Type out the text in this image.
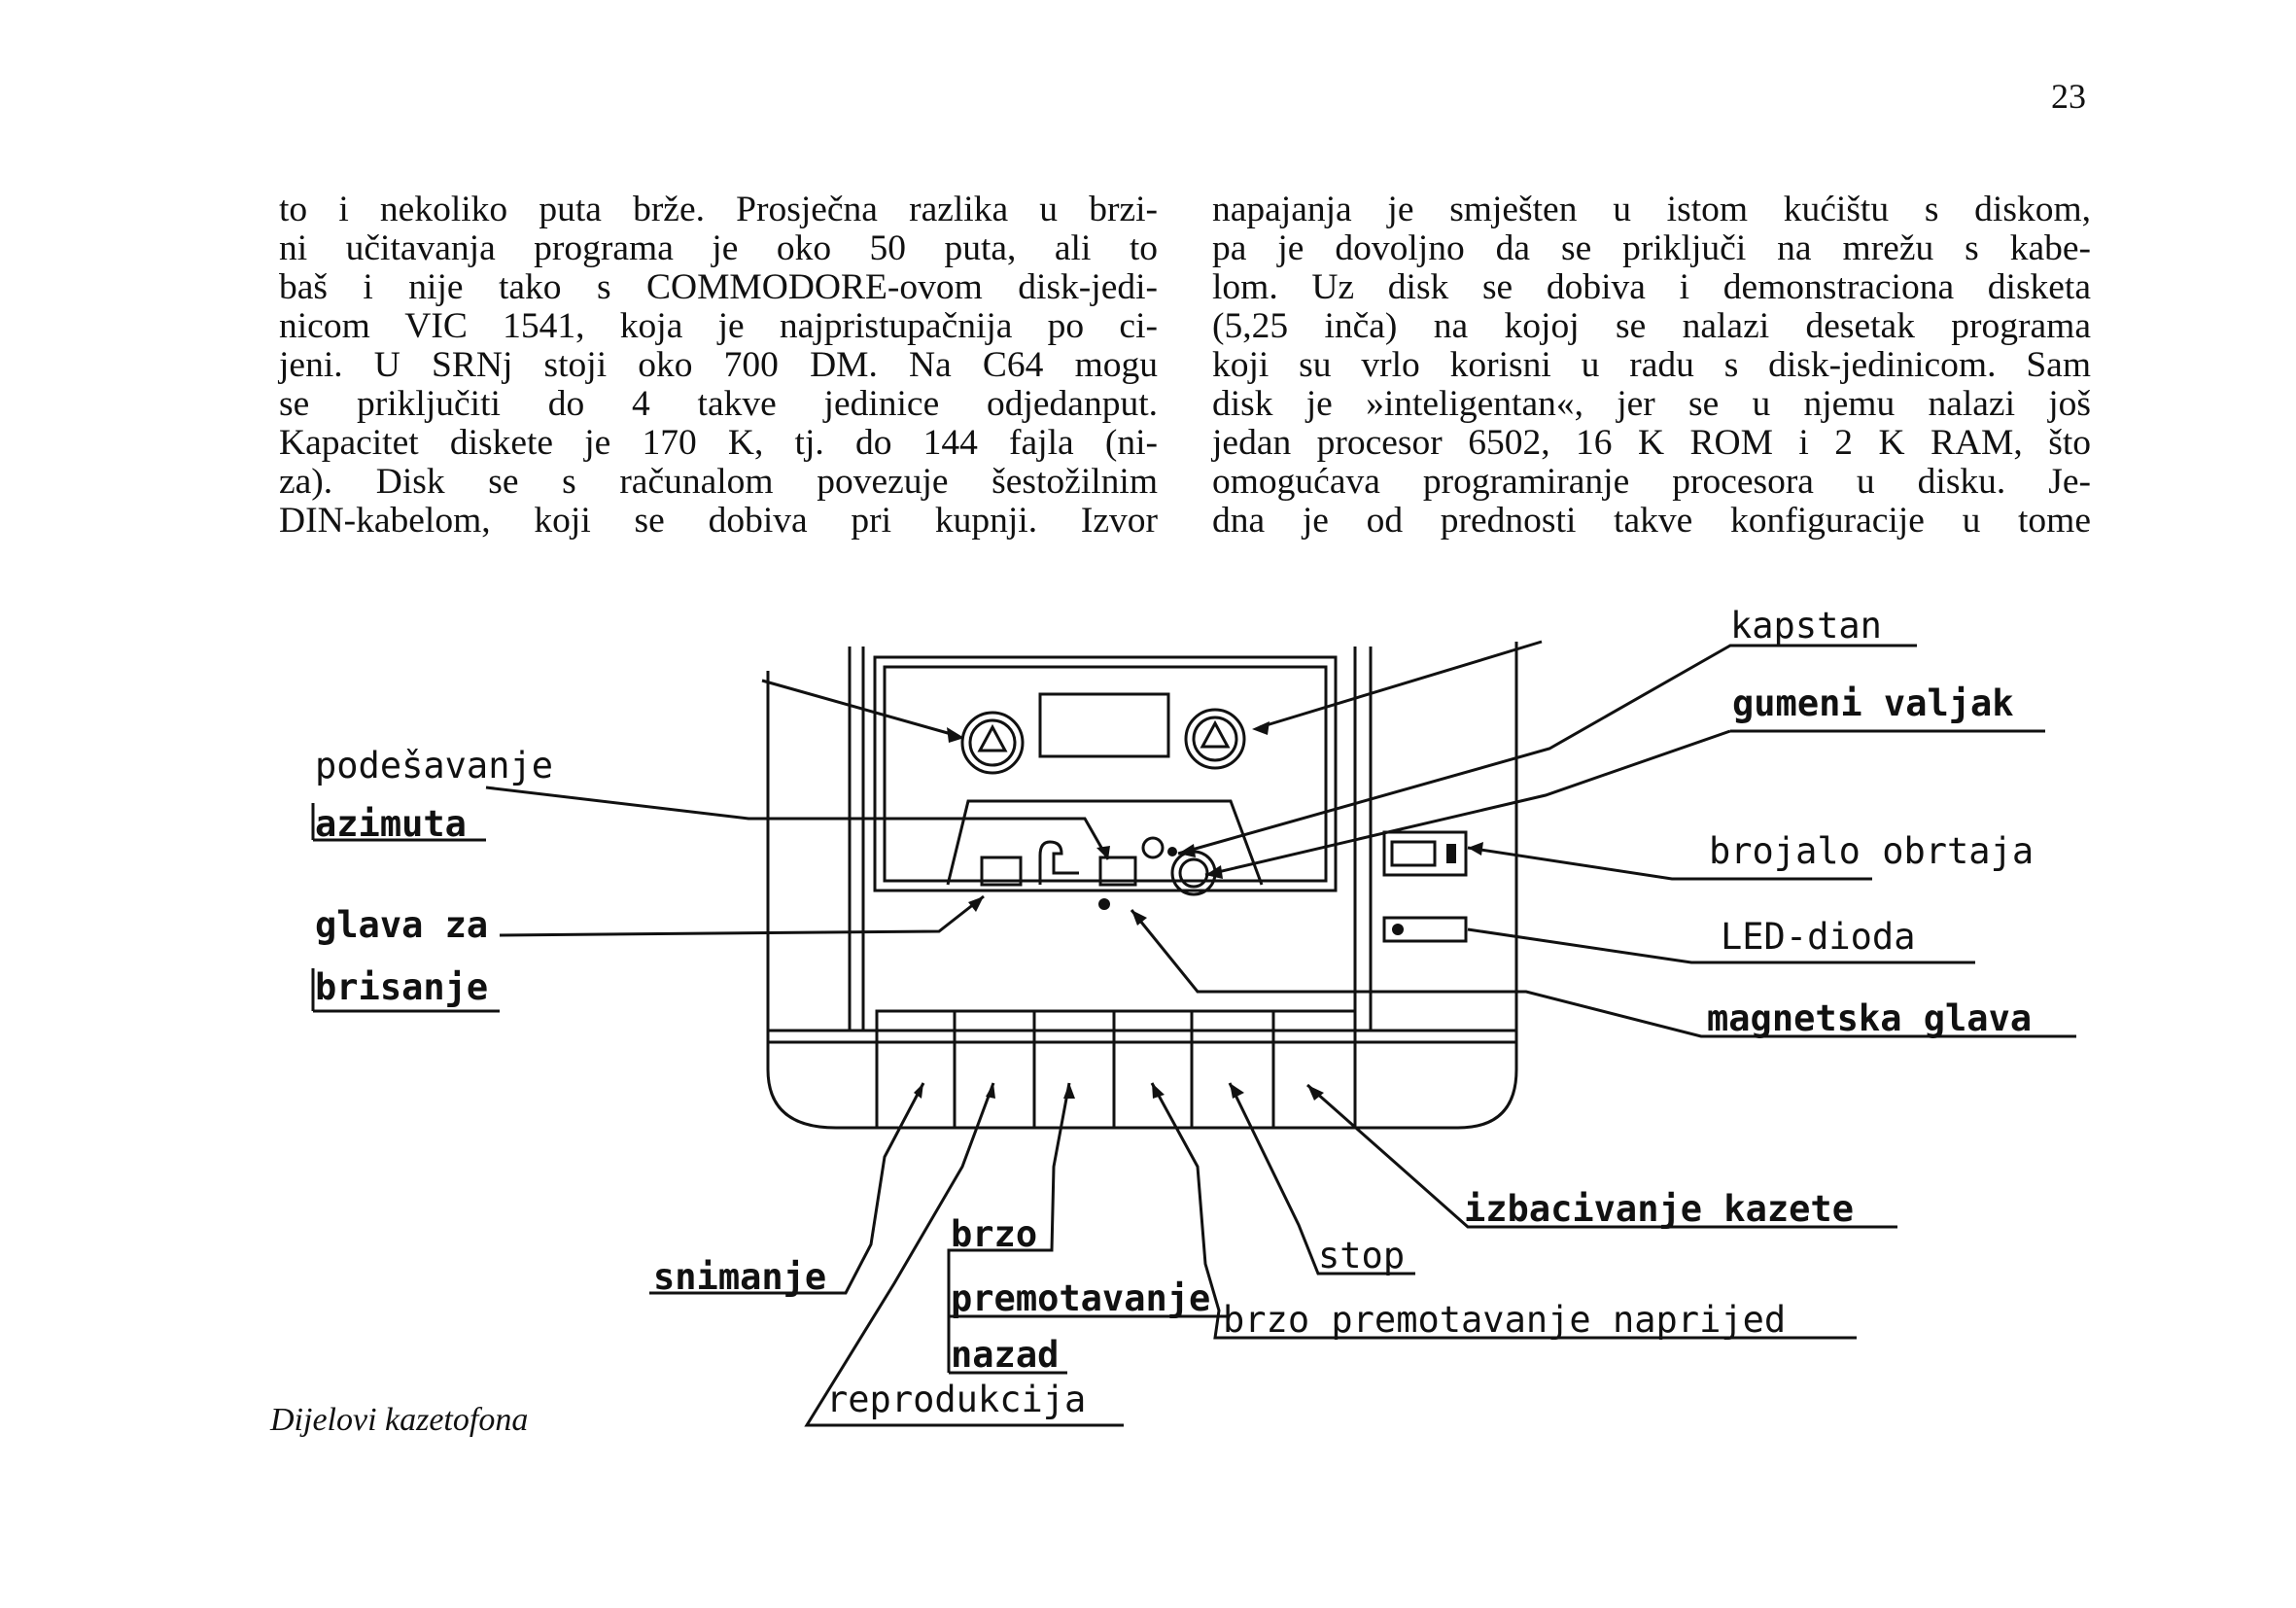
23
to i nekoliko puta brže. Prosječna razlika u brzi-
ni učitavanja programa je oko 50 puta, ali to
baš i nije tako s COMMODORE-ovom disk-jedi-
nicom VIC 1541, koja je najpristupačnija po ci-
jeni. U SRNj stoji oko 700 DM. Na C64 mogu
se priključiti do 4 takve jedinice odjedanput.
Kapacitet diskete je 170 K, tj. do 144 fajla (ni-
za). Disk se s računalom povezuje šestožilnim
DIN-kabelom, koji se dobiva pri kupnji. Izvor
napajanja je smješten u istom kućištu s diskom,
pa je dovoljno da se priključi na mrežu s kabe-
lom. Uz disk se dobiva i demonstraciona disketa
(5,25 inča) na kojoj se nalazi desetak programa
koji su vrlo korisni u radu s disk-jedinicom. Sam
disk je »inteligentan«, jer se u njemu nalazi još
jedan procesor 6502, 16 K ROM i 2 K RAM, što
omogućava programiranje procesora u disku. Je-
dna je od prednosti takve konfiguracije u tome
kapstan
gumeni valjak
podešavanje
azimuta
brojalo obrtaja
glava za
brisanje
LED-dioda
magnetska glava
izbacivanje kazete
brzo
stop
snimanje
premotavanje
brzo premotavanje naprijed
nazad
reprodukcija
Dijelovi kazetofona
